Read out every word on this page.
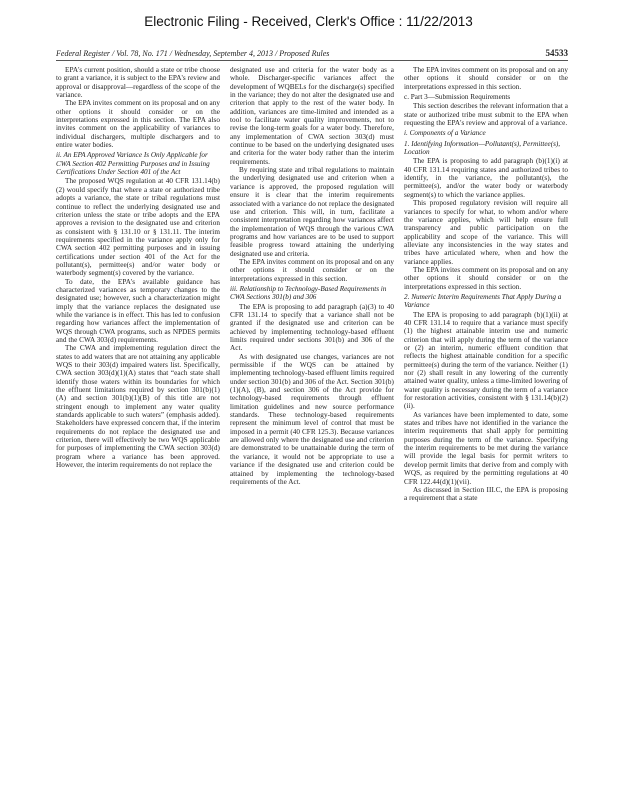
Electronic Filing - Received, Clerk's Office : 11/22/2013
Federal Register / Vol. 78, No. 171 / Wednesday, September 4, 2013 / Proposed Rules	54533

EPA's current position, should a state or tribe choose to grant a variance, it is subject to the EPA's review and approval or disapproval—regardless of the scope of the variance.

The EPA invites comment on its proposal and on any other options it should consider or on the interpretations expressed in this section. The EPA also invites comment on the applicability of variances to individual dischargers, multiple dischargers and to entire water bodies.

ii. An EPA Approved Variance Is Only Applicable for CWA Section 402 Permitting Purposes and in Issuing Certifications Under Section 401 of the Act

The proposed WQS regulation at 40 CFR 131.14(b)(2) would specify that where a state or authorized tribe adopts a variance, the state or tribal regulations must continue to reflect the underlying designated use and criterion unless the state or tribe adopts and the EPA approves a revision to the designated use and criterion as consistent with § 131.10 or § 131.11. The interim requirements specified in the variance apply only for CWA section 402 permitting purposes and in issuing certifications under section 401 of the Act for the pollutant(s), permittee(s) and/or water body or waterbody segment(s) covered by the variance.

To date, the EPA's available guidance has characterized variances as temporary changes to the designated use; however, such a characterization might imply that the variance replaces the designated use while the variance is in effect. This has led to confusion regarding how variances affect the implementation of WQS through CWA programs, such as NPDES permits and the CWA 303(d) requirements.

The CWA and implementing regulation direct the states to add waters that are not attaining any applicable WQS to their 303(d) impaired waters list. Specifically, CWA section 303(d)(1)(A) states that “each state shall identify those waters within its boundaries for which the effluent limitations required by section 301(b)(1)(A) and section 301(b)(1)(B) of this title are not stringent enough to implement any water quality standards applicable to such waters” (emphasis added). Stakeholders have expressed concern that, if the interim requirements do not replace the designated use and criterion, there will effectively be two WQS applicable for purposes of implementing the CWA section 303(d) program where a variance has been approved. However, the interim requirements do not replace the

designated use and criteria for the water body as a whole. Discharger-specific variances affect the development of WQBELs for the discharge(s) specified in the variance; they do not alter the designated use and criterion that apply to the rest of the water body. In addition, variances are time-limited and intended as a tool to facilitate water quality improvements, not to revise the long-term goals for a water body. Therefore, any implementation of CWA section 303(d) must continue to be based on the underlying designated uses and criteria for the water body rather than the interim requirements.

By requiring state and tribal regulations to maintain the underlying designated use and criterion when a variance is approved, the proposed regulation will ensure it is clear that the interim requirements associated with a variance do not replace the designated use and criterion. This will, in turn, facilitate a consistent interpretation regarding how variances affect the implementation of WQS through the various CWA programs and how variances are to be used to support feasible progress toward attaining the underlying designated use and criteria.

The EPA invites comment on its proposal and on any other options it should consider or on the interpretations expressed in this section.

iii. Relationship to Technology-Based Requirements in CWA Sections 301(b) and 306

The EPA is proposing to add paragraph (a)(3) to 40 CFR 131.14 to specify that a variance shall not be granted if the designated use and criterion can be achieved by implementing technology-based effluent limits required under sections 301(b) and 306 of the Act.

As with designated use changes, variances are not permissible if the WQS can be attained by implementing technology-based effluent limits required under section 301(b) and 306 of the Act. Section 301(b)(1)(A), (B), and section 306 of the Act provide for technology-based requirements through effluent limitation guidelines and new source performance standards. These technology-based requirements represent the minimum level of control that must be imposed in a permit (40 CFR 125.3). Because variances are allowed only where the designated use and criterion are demonstrated to be unattainable during the term of the variance, it would not be appropriate to use a variance if the designated use and criterion could be attained by implementing the technology-based requirements of the Act.

The EPA invites comment on its proposal and on any other options it should consider or on the interpretations expressed in this section.

c. Part 3—Submission Requirements

This section describes the relevant information that a state or authorized tribe must submit to the EPA when requesting the EPA's review and approval of a variance.

i. Components of a Variance

1. Identifying Information—Pollutant(s), Permittee(s), Location

The EPA is proposing to add paragraph (b)(1)(i) at 40 CFR 131.14 requiring states and authorized tribes to identify, in the variance, the pollutant(s), the permittee(s), and/or the water body or waterbody segment(s) to which the variance applies.

This proposed regulatory revision will require all variances to specify for what, to whom and/or where the variance applies, which will help ensure full transparency and public participation on the applicability and scope of the variance. This will alleviate any inconsistencies in the way states and tribes have articulated where, when and how the variance applies.

The EPA invites comment on its proposal and on any other options it should consider or on the interpretations expressed in this section.

2. Numeric Interim Requirements That Apply During a Variance

The EPA is proposing to add paragraph (b)(1)(ii) at 40 CFR 131.14 to require that a variance must specify (1) the highest attainable interim use and numeric criterion that will apply during the term of the variance or (2) an interim, numeric effluent condition that reflects the highest attainable condition for a specific permittee(s) during the term of the variance. Neither (1) nor (2) shall result in any lowering of the currently attained water quality, unless a time-limited lowering of water quality is necessary during the term of a variance for restoration activities, consistent with § 131.14(b)(2)(ii).

As variances have been implemented to date, some states and tribes have not identified in the variance the interim requirements that shall apply for permitting purposes during the term of the variance. Specifying the interim requirements to be met during the variance will provide the legal basis for permit writers to develop permit limits that derive from and comply with WQS, as required by the permitting regulations at 40 CFR 122.44(d)(1)(vii).

As discussed in Section III.C, the EPA is proposing a requirement that a state
